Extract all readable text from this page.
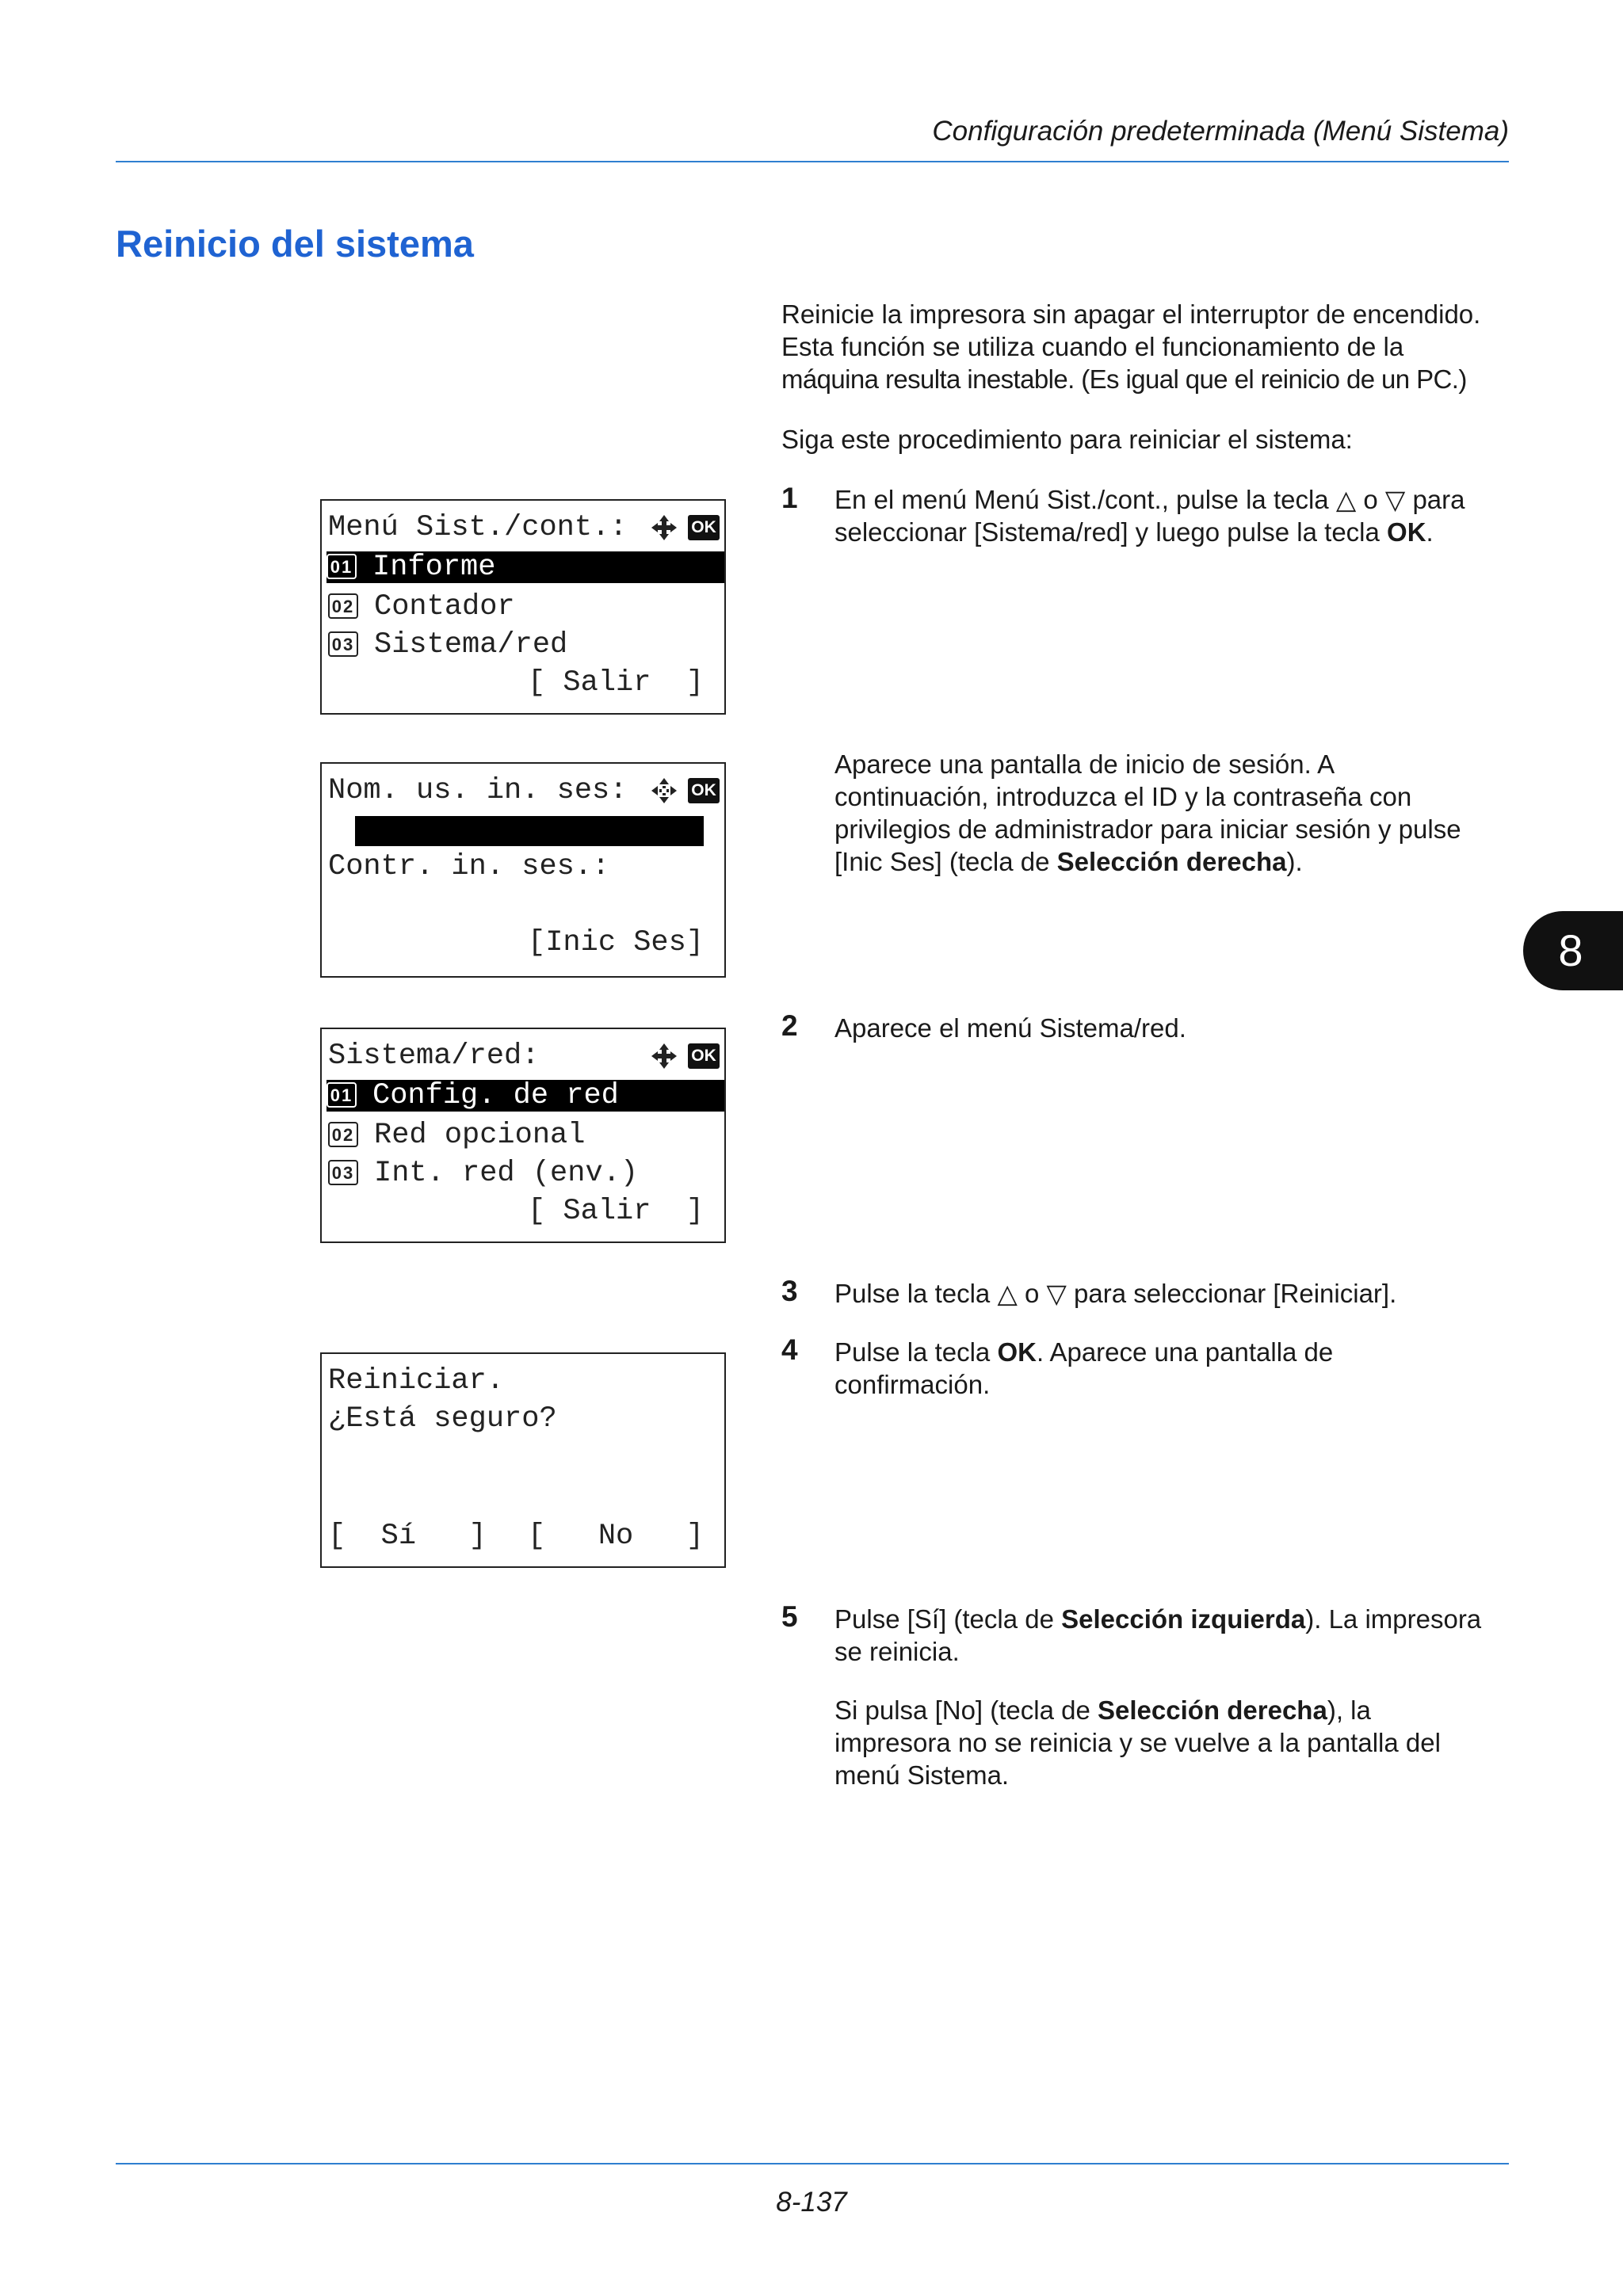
Configuración predeterminada (Menú Sistema)
Reinicio del sistema
Reinicie la impresora sin apagar el interruptor de encendido.
Esta función se utiliza cuando el funcionamiento de la
máquina resulta inestable. (Es igual que el reinicio de un PC.)
Siga este procedimiento para reiniciar el sistema:
1 En el menú Menú Sist./cont., pulse la tecla △ o ▽ para
seleccionar [Sistema/red] y luego pulse la tecla OK.
Aparece una pantalla de inicio de sesión. A
continuación, introduzca el ID y la contraseña con
privilegios de administrador para iniciar sesión y pulse
[Inic Ses] (tecla de Selección derecha).
2 Aparece el menú Sistema/red.
3 Pulse la tecla △ o ▽ para seleccionar [Reiniciar].
4 Pulse la tecla OK. Aparece una pantalla de
confirmación.
5 Pulse [Sí] (tecla de Selección izquierda). La impresora
se reinicia.
Si pulsa [No] (tecla de Selección derecha), la
impresora no se reinicia y se vuelve a la pantalla del
menú Sistema.
Menú Sist./cont.:	OK
01 Informe
02 Contador
03 Sistema/red
[ Salir  ]
Nom. us. in. ses:	OK
Contr. in. ses.:
[Inic Ses]
Sistema/red:	OK
01 Config. de red
02 Red opcional
03 Int. red (env.)
[ Salir  ]
Reiniciar.
¿Está seguro?
[  Sí   ]	[   No   ]
8
8-137
